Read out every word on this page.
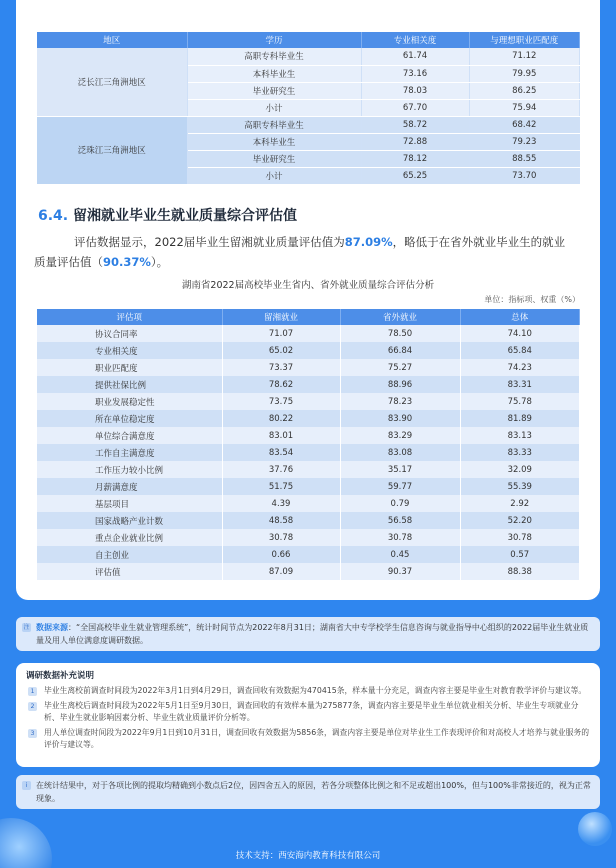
地区	学历	专业相关度	与理想职业匹配度
泛长江三角洲地区	高职专科毕业生	61.74	71.12
	本科毕业生	73.16	79.95
	毕业研究生	78.03	86.25
	小计	67.70	75.94
泛珠江三角洲地区	高职专科毕业生	58.72	68.42
	本科毕业生	72.88	79.23
	毕业研究生	78.12	88.55
	小计	65.25	73.70
6.4. 留湘就业毕业生就业质量综合评估值

评估数据显示，2022届毕业生留湘就业质量评估值为87.09%，略低于在省外就业毕业生的就业
质量评估值（90.37%）。

湖南省2022届高校毕业生省内、省外就业质量综合评估分析
单位：指标项、权重（%）
评估项	留湘就业	省外就业	总体
协议合同率	71.07	78.50	74.10
专业相关度	65.02	66.84	65.84
职业匹配度	73.37	75.27	74.23
提供社保比例	78.62	88.96	83.31
职业发展稳定性	73.75	78.23	75.78
所在单位稳定度	80.22	83.90	81.89
单位综合满意度	83.01	83.29	83.13
工作自主满意度	83.54	83.08	83.33
工作压力较小比例	37.76	35.17	32.09
月薪满意度	51.75	59.77	55.39
基层项目	4.39	0.79	2.92
国家战略产业计数	48.58	56.58	52.20
重点企业就业比例	30.78	30.78	30.78
自主创业	0.66	0.45	0.57
评估值	87.09	90.37	88.38
注 数据来源：“全国高校毕业生就业管理系统”，统计时间节点为2022年8月31日；湖南省大中专学校学生信息咨询与就业指导中心组织的2022届毕业生就业质量及用人单位满意度调研数据。
调研数据补充说明
1	毕业生离校前调查时间段为2022年3月1日到4月29日，调查回收有效数据为470415条，样本量十分充足，调查内容主要是毕业生对教育教学评价与建议等。
2	毕业生离校后调查时间段为2022年5月1日至9月30日，调查回收的有效样本量为275877条，调查内容主要是毕业生单位就业相关分析、毕业生专项就业分析、毕业生就业影响因素分析、毕业生就业质量评价分析等。
3	用人单位调查时间段为2022年9月1日到10月31日，调查回收有效数据为5856条，调查内容主要是单位对毕业生工作表现评价和对高校人才培养与就业服务的评价与建议等。
i	在统计结果中，对于各项比例的提取均精确到小数点后2位，因四舍五入的原因，若各分项整体比例之和不足或超出100%，但与100%非常接近的，视为正常现象。
技术支持：西安海内教育科技有限公司
